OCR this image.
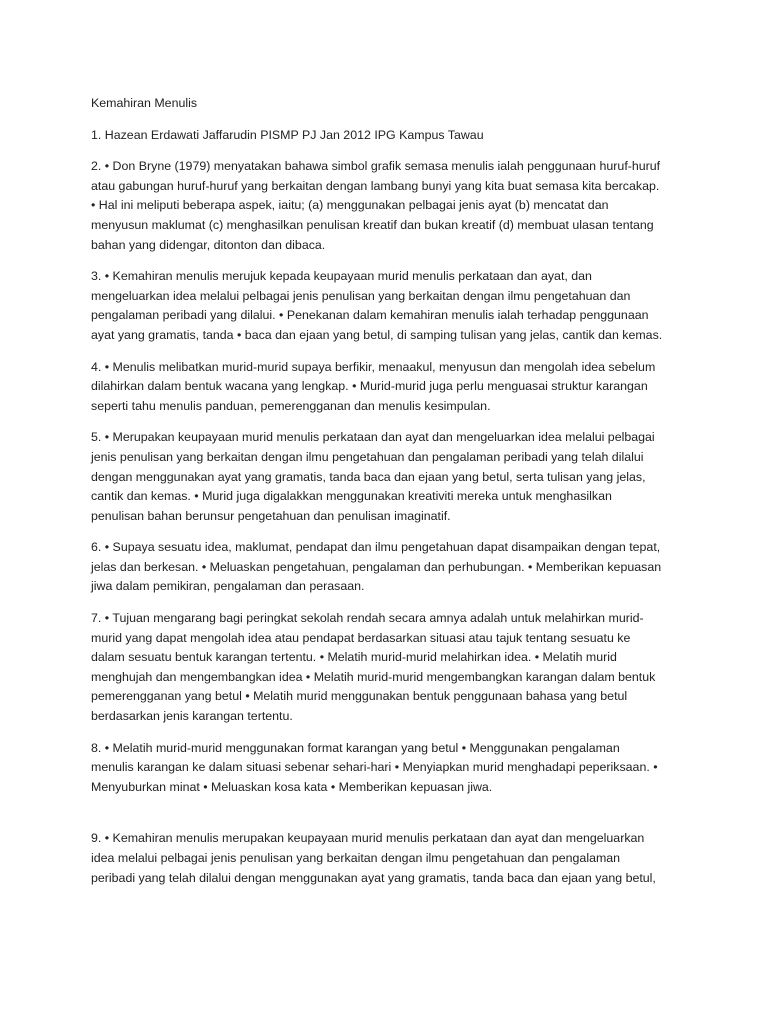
Kemahiran Menulis
1. Hazean Erdawati Jaffarudin PISMP PJ Jan 2012 IPG Kampus Tawau
2. • Don Bryne (1979) menyatakan bahawa simbol grafik semasa menulis ialah penggunaan huruf-huruf
atau gabungan huruf-huruf yang berkaitan dengan lambang bunyi yang kita buat semasa kita bercakap.
• Hal ini meliputi beberapa aspek, iaitu; (a) menggunakan pelbagai jenis ayat (b) mencatat dan
menyusun maklumat (c) menghasilkan penulisan kreatif dan bukan kreatif (d) membuat ulasan tentang
bahan yang didengar, ditonton dan dibaca.
3. • Kemahiran menulis merujuk kepada keupayaan murid menulis perkataan dan ayat, dan
mengeluarkan idea melalui pelbagai jenis penulisan yang berkaitan dengan ilmu pengetahuan dan
pengalaman peribadi yang dilalui. • Penekanan dalam kemahiran menulis ialah terhadap penggunaan
ayat yang gramatis, tanda • baca dan ejaan yang betul, di samping tulisan yang jelas, cantik dan kemas.
4. • Menulis melibatkan murid-murid supaya berfikir, menaakul, menyusun dan mengolah idea sebelum
dilahirkan dalam bentuk wacana yang lengkap. • Murid-murid juga perlu menguasai struktur karangan
seperti tahu menulis panduan, pemerengganan dan menulis kesimpulan.
5. • Merupakan keupayaan murid menulis perkataan dan ayat dan mengeluarkan idea melalui pelbagai
jenis penulisan yang berkaitan dengan ilmu pengetahuan dan pengalaman peribadi yang telah dilalui
dengan menggunakan ayat yang gramatis, tanda baca dan ejaan yang betul, serta tulisan yang jelas,
cantik dan kemas. • Murid juga digalakkan menggunakan kreativiti mereka untuk menghasilkan
penulisan bahan berunsur pengetahuan dan penulisan imaginatif.
6. • Supaya sesuatu idea, maklumat, pendapat dan ilmu pengetahuan dapat disampaikan dengan tepat,
jelas dan berkesan. • Meluaskan pengetahuan, pengalaman dan perhubungan. • Memberikan kepuasan
jiwa dalam pemikiran, pengalaman dan perasaan.
7. • Tujuan mengarang bagi peringkat sekolah rendah secara amnya adalah untuk melahirkan murid-
murid yang dapat mengolah idea atau pendapat berdasarkan situasi atau tajuk tentang sesuatu ke
dalam sesuatu bentuk karangan tertentu. • Melatih murid-murid melahirkan idea. • Melatih murid
menghujah dan mengembangkan idea • Melatih murid-murid mengembangkan karangan dalam bentuk
pemerengganan yang betul • Melatih murid menggunakan bentuk penggunaan bahasa yang betul
berdasarkan jenis karangan tertentu.
8. • Melatih murid-murid menggunakan format karangan yang betul • Menggunakan pengalaman
menulis karangan ke dalam situasi sebenar sehari-hari • Menyiapkan murid menghadapi peperiksaan. •
Menyuburkan minat • Meluaskan kosa kata • Memberikan kepuasan jiwa.
9. • Kemahiran menulis merupakan keupayaan murid menulis perkataan dan ayat dan mengeluarkan
idea melalui pelbagai jenis penulisan yang berkaitan dengan ilmu pengetahuan dan pengalaman
peribadi yang telah dilalui dengan menggunakan ayat yang gramatis, tanda baca dan ejaan yang betul,
